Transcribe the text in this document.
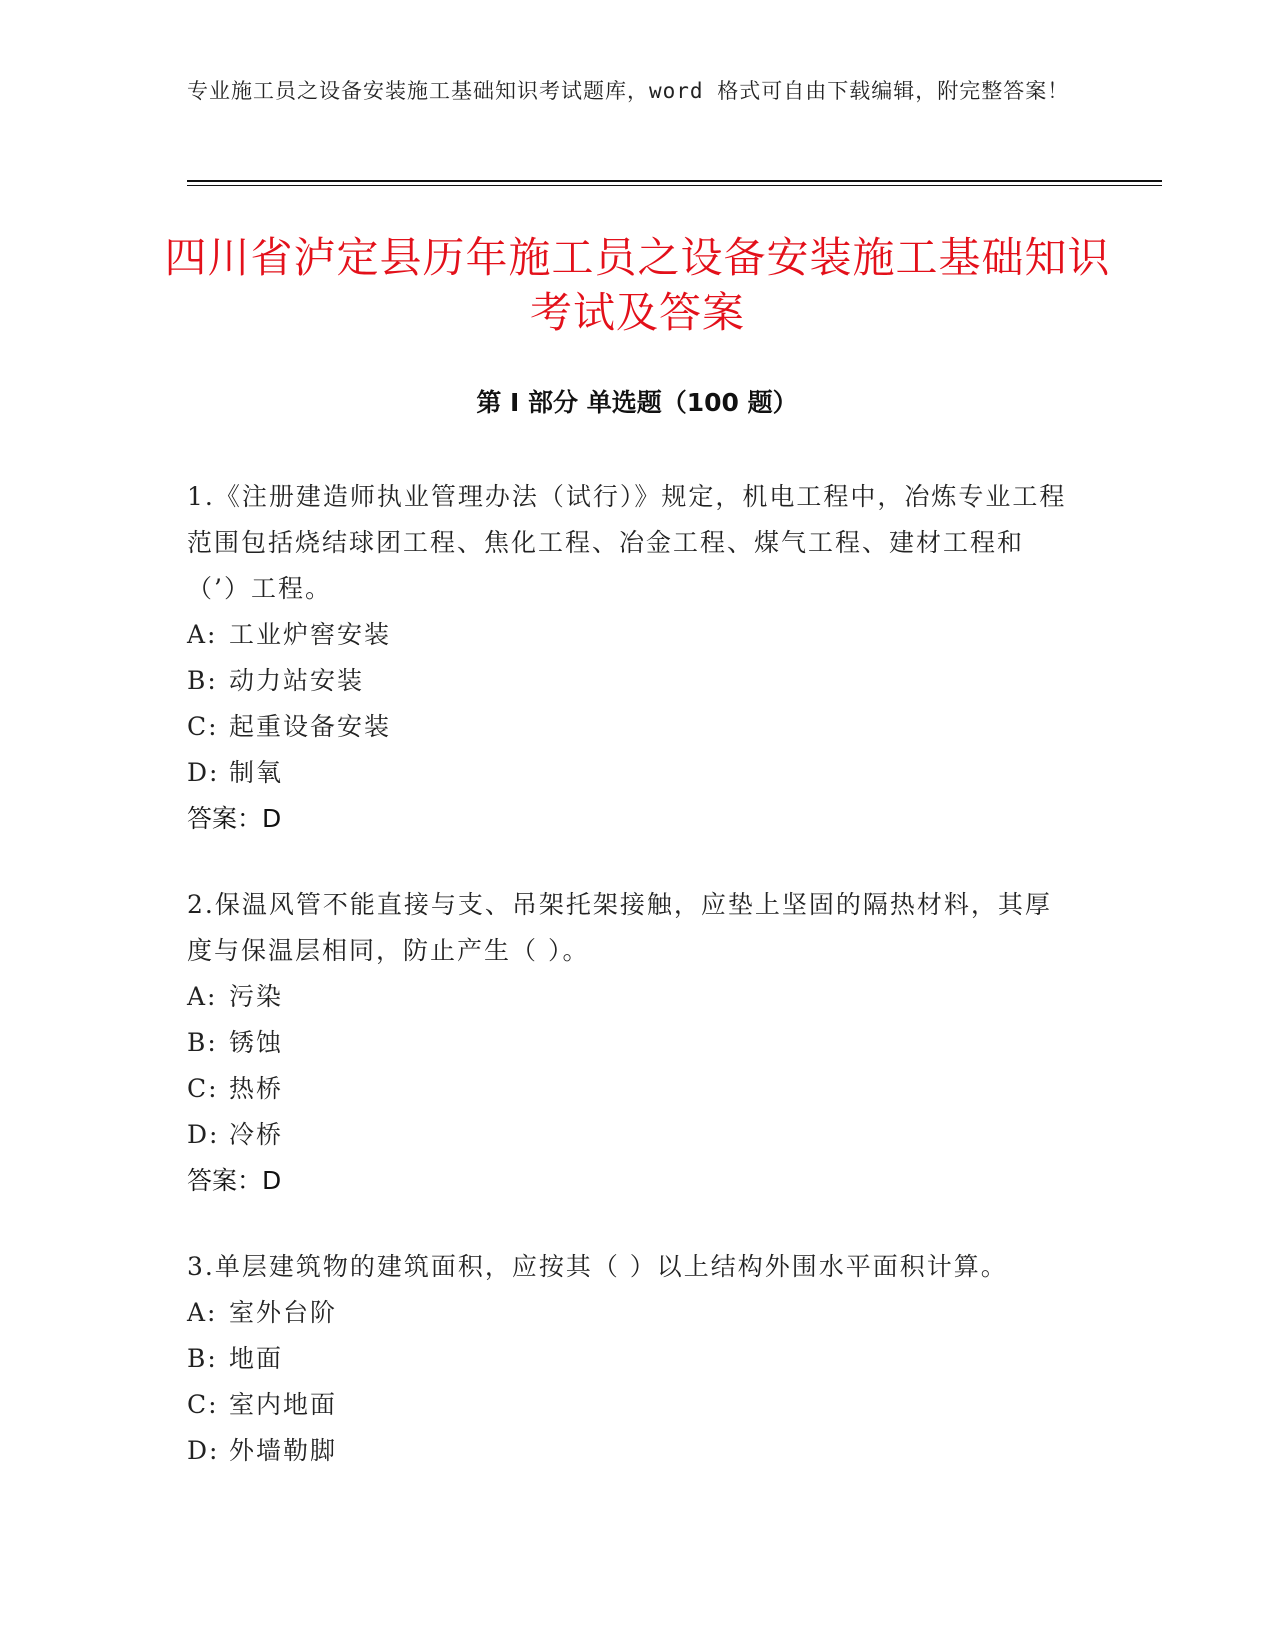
专业施工员之设备安装施工基础知识考试题库，word 格式可自由下载编辑，附完整答案！
四川省泸定县历年施工员之设备安装施工基础知识考试及答案
第 I 部分 单选题（100 题）
1.《注册建造师执业管理办法（试行）》规定，机电工程中，冶炼专业工程范围包括烧结球团工程、焦化工程、冶金工程、煤气工程、建材工程和（’）工程。
A: 工业炉窖安装
B: 动力站安装
C: 起重设备安装
D: 制氧
答案：D
2.保温风管不能直接与支、吊架托架接触，应垫上坚固的隔热材料，其厚度与保温层相同，防止产生（ ）。
A: 污染
B: 锈蚀
C: 热桥
D: 冷桥
答案：D
3.单层建筑物的建筑面积，应按其（ ）以上结构外围水平面积计算。
A: 室外台阶
B: 地面
C: 室内地面
D: 外墙勒脚
